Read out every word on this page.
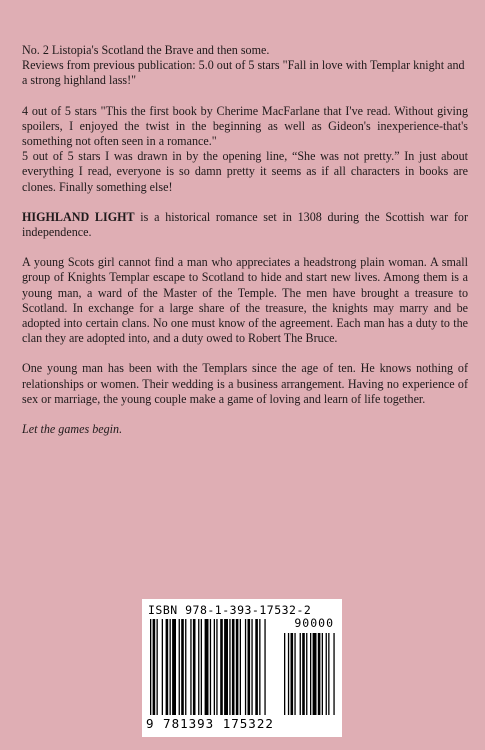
No. 2 Listopia's Scotland the Brave and then some.

Reviews from previous publication: 5.0 out of 5 stars "Fall in love with Templar knight and a strong highland lass!"

4 out of 5 stars "This the first book by Cherime MacFarlane that I've read. Without giving spoilers, I enjoyed the twist in the beginning as well as Gideon's inexperience-that's something not often seen in a romance."

5 out of 5 stars I was drawn in by the opening line, “She was not pretty.” In just about everything I read, everyone is so damn pretty it seems as if all characters in books are clones. Finally something else!

HIGHLAND LIGHT is a historical romance set in 1308 during the Scottish war for independence.

A young Scots girl cannot find a man who appreciates a headstrong plain woman. A small group of Knights Templar escape to Scotland to hide and start new lives. Among them is a young man, a ward of the Master of the Temple. The men have brought a treasure to Scotland. In exchange for a large share of the treasure, the knights may marry and be adopted into certain clans. No one must know of the agreement. Each man has a duty to the clan they are adopted into, and a duty owed to Robert The Bruce.

One young man has been with the Templars since the age of ten. He knows nothing of relationships or women. Their wedding is a business arrangement. Having no experience of sex or marriage, the young couple make a game of loving and learn of life together.

Let the games begin.

ISBN 978-1-393-17532-2
90000
9 781393 175322
